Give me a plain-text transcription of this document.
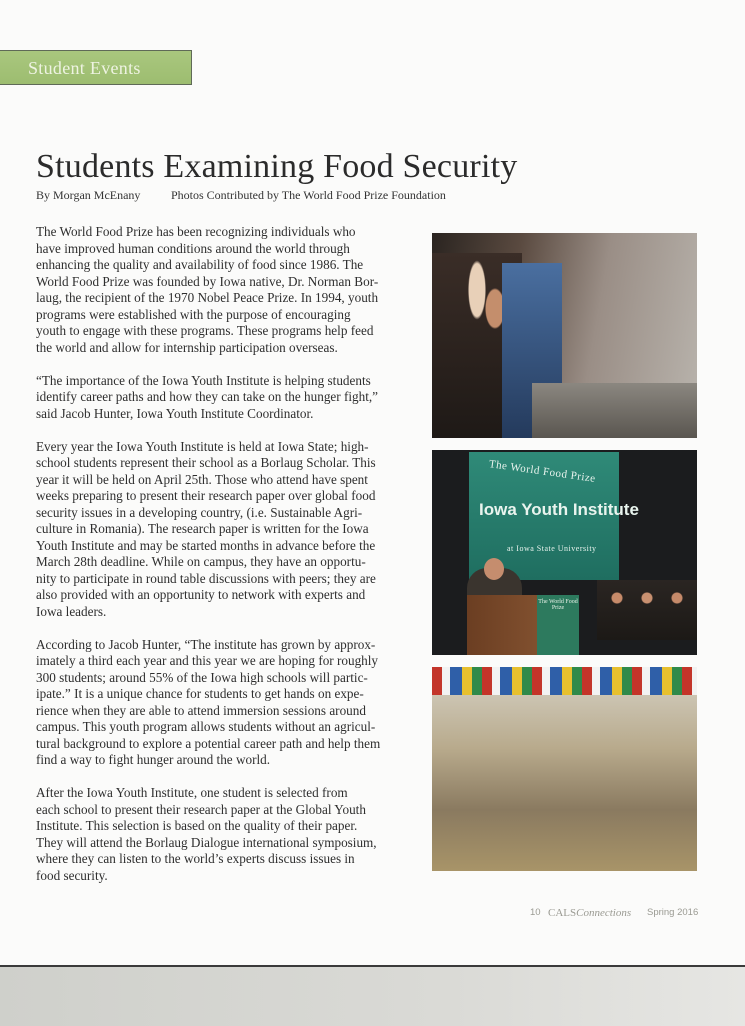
Student Events
Students Examining Food Security
By Morgan McEnany	Photos Contributed by The World Food Prize Foundation
The World Food Prize has been recognizing individuals who
have improved human conditions around the world through
enhancing the quality and availability of food since 1986. The
World Food Prize was founded by Iowa native, Dr. Norman Bor-
laug, the recipient of the 1970 Nobel Peace Prize. In 1994, youth
programs were established with the purpose of encouraging
youth to engage with these programs. These programs help feed
the world and allow for internship participation overseas.
“The importance of the Iowa Youth Institute is helping students
identify career paths and how they can take on the hunger fight,”
said Jacob Hunter, Iowa Youth Institute Coordinator.
Every year the Iowa Youth Institute is held at Iowa State; high-
school students represent their school as a Borlaug Scholar. This
year it will be held on April 25th. Those who attend have spent
weeks preparing to present their research paper over global food
security issues in a developing country, (i.e. Sustainable Agri-
culture in Romania). The research paper is written for the Iowa
Youth Institute and may be started months in advance before the
March 28th deadline. While on campus, they have an opportu-
nity to participate in round table discussions with peers; they are
also provided with an opportunity to network with experts and
Iowa leaders.
According to Jacob Hunter, “The institute has grown by approx-
imately a third each year and this year we are hoping for roughly
300 students; around 55% of the Iowa high schools will partic-
ipate.” It is a unique chance for students to get hands on expe-
rience when they are able to attend immersion sessions around
campus. This youth program allows students without an agricul-
tural background to explore a potential career path and help them
find a way to fight hunger around the world.
After the Iowa Youth Institute, one student is selected from
each school to present their research paper at the Global Youth
Institute. This selection is based on the quality of their paper.
They will attend the Borlaug Dialogue international symposium,
where they can listen to the world’s experts discuss issues in
food security.
The World Food Prize
Iowa Youth Institute
at Iowa State University
The World Food Prize
10 CALSConnections Spring 2016
